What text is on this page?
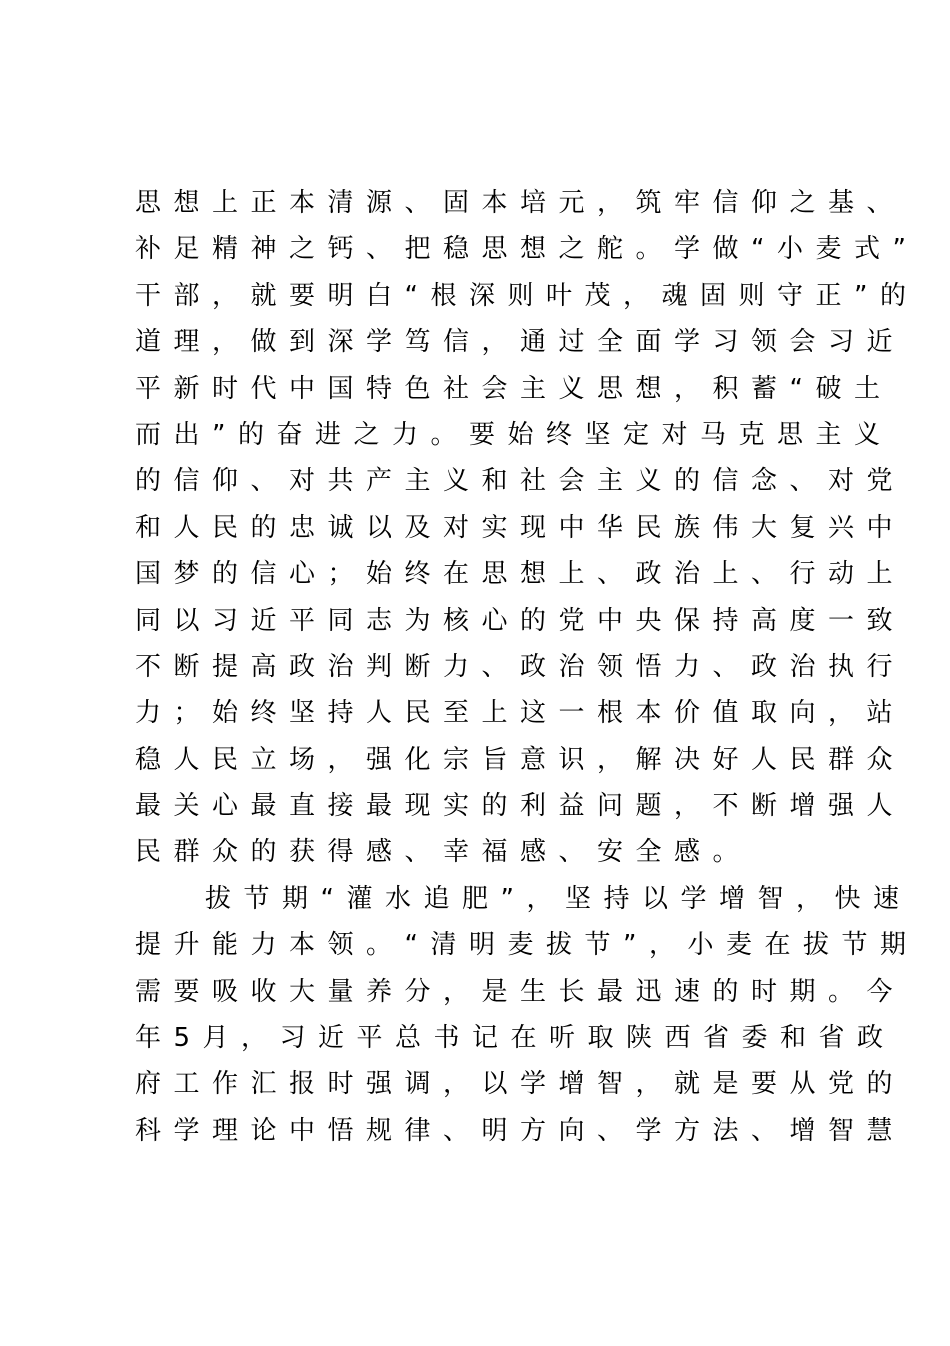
思想上正本清源、固本培元，筑牢信仰之基、
补足精神之钙、把稳思想之舵。学做“小麦式”
干部，就要明白“根深则叶茂，魂固则守正”的
道理，做到深学笃信，通过全面学习领会习近
平新时代中国特色社会主义思想，积蓄“破土
而出”的奋进之力。要始终坚定对马克思主义
的信仰、对共产主义和社会主义的信念、对党
和人民的忠诚以及对实现中华民族伟大复兴中
国梦的信心；始终在思想上、政治上、行动上
同以习近平同志为核心的党中央保持高度一致
不断提高政治判断力、政治领悟力、政治执行
力；始终坚持人民至上这一根本价值取向，站
稳人民立场，强化宗旨意识，解决好人民群众
最关心最直接最现实的利益问题，不断增强人
民群众的获得感、幸福感、安全感。
拔节期“灌水追肥”，坚持以学增智，快速
提升能力本领。“清明麦拔节”，小麦在拔节期
需要吸收大量养分，是生长最迅速的时期。今
年5月，习近平总书记在听取陕西省委和省政
府工作汇报时强调，以学增智，就是要从党的
科学理论中悟规律、明方向、学方法、增智慧
